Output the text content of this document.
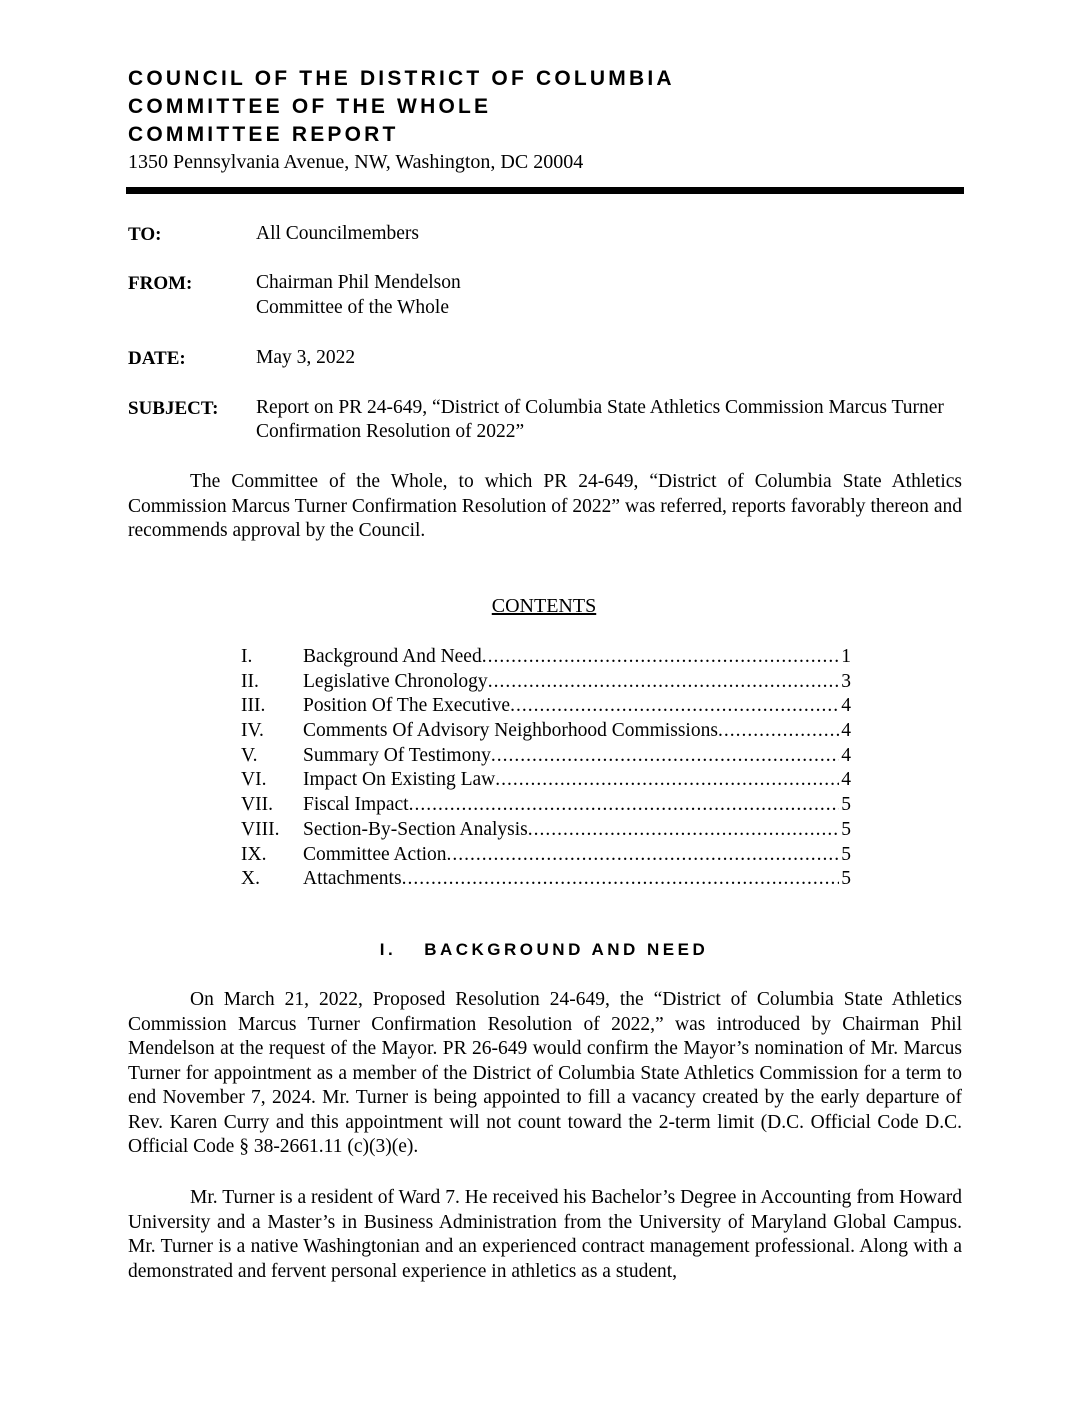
COUNCIL OF THE DISTRICT OF COLUMBIA
COMMITTEE OF THE WHOLE
COMMITTEE REPORT
1350 Pennsylvania Avenue, NW, Washington, DC 20004
TO:	All Councilmembers
FROM:	Chairman Phil Mendelson
Committee of the Whole
DATE:	May 3, 2022
SUBJECT: Report on PR 24-649, “District of Columbia State Athletics Commission Marcus Turner Confirmation Resolution of 2022”
The Committee of the Whole, to which PR 24-649, “District of Columbia State Athletics Commission Marcus Turner Confirmation Resolution of 2022” was referred, reports favorably thereon and recommends approval by the Council.
CONTENTS
I.	Background And Need .....	1
II.	Legislative Chronology .....	3
III.	Position Of The Executive .....	4
IV.	Comments Of Advisory Neighborhood Commissions .....	4
V.	Summary Of Testimony .....	4
VI.	Impact On Existing Law .....	4
VII.	Fiscal Impact .....	5
VIII.	Section-By-Section Analysis .....	5
IX.	Committee Action .....	5
X.	Attachments .....	5
I. BACKGROUND AND NEED
On March 21, 2022, Proposed Resolution 24-649, the “District of Columbia State Athletics Commission Marcus Turner Confirmation Resolution of 2022,” was introduced by Chairman Phil Mendelson at the request of the Mayor. PR 26-649 would confirm the Mayor’s nomination of Mr. Marcus Turner for appointment as a member of the District of Columbia State Athletics Commission for a term to end November 7, 2024. Mr. Turner is being appointed to fill a vacancy created by the early departure of Rev. Karen Curry and this appointment will not count toward the 2-term limit (D.C. Official Code D.C. Official Code § 38-2661.11 (c)(3)(e).
Mr. Turner is a resident of Ward 7. He received his Bachelor’s Degree in Accounting from Howard University and a Master’s in Business Administration from the University of Maryland Global Campus. Mr. Turner is a native Washingtonian and an experienced contract management professional. Along with a demonstrated and fervent personal experience in athletics as a student,
